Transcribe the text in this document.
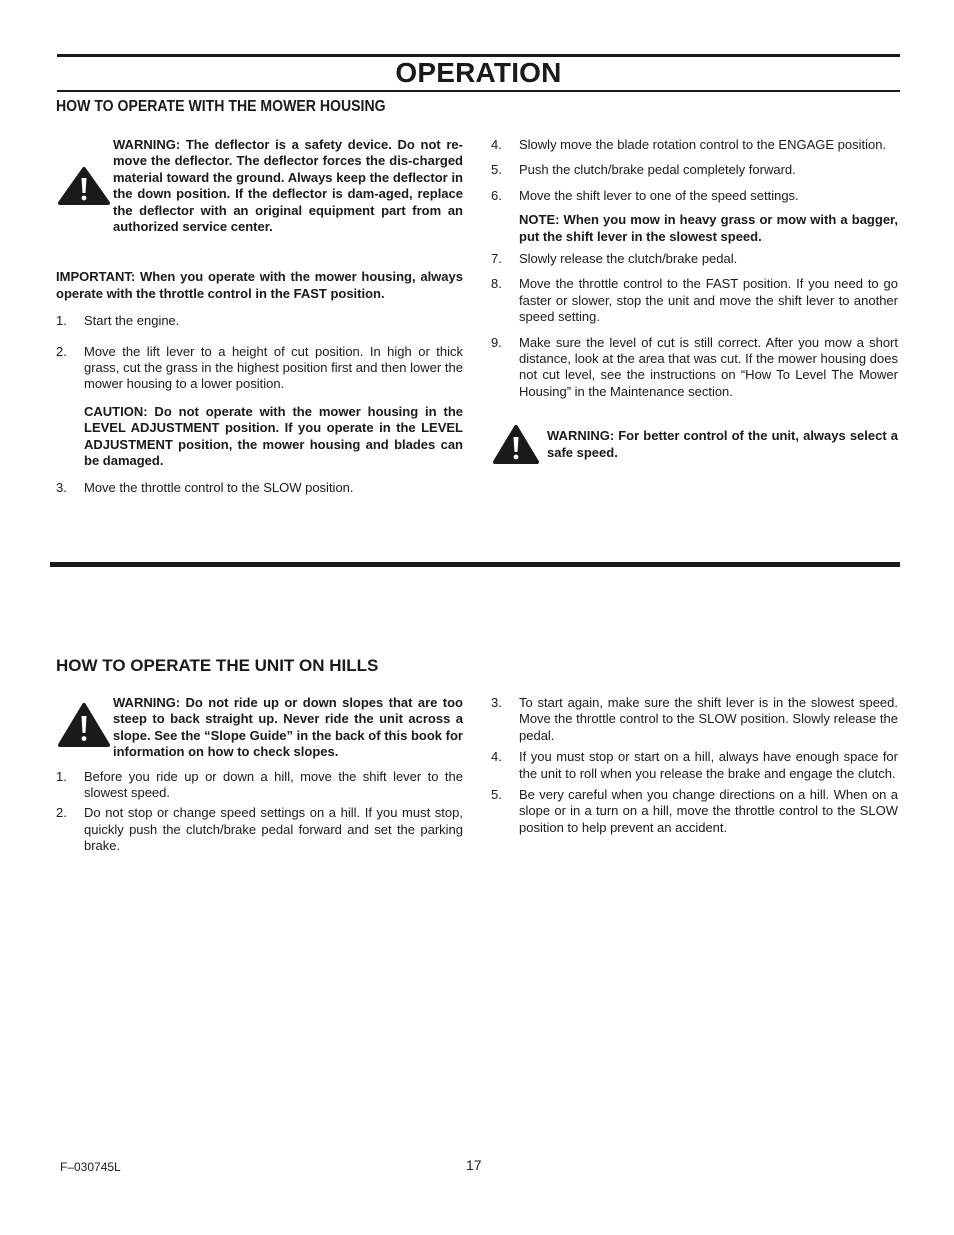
OPERATION
HOW TO OPERATE WITH THE MOWER HOUSING
WARNING: The deflector is a safety device. Do not re-move the deflector. The deflector forces the dis-charged material toward the ground. Always keep the deflector in the down position. If the deflector is dam-aged, replace the deflector with an original equipment part from an authorized service center.
IMPORTANT: When you operate with the mower housing, always operate with the throttle control in the FAST position.
1.	Start the engine.
2.	Move the lift lever to a height of cut position. In high or thick grass, cut the grass in the highest position first and then lower the mower housing to a lower position.
CAUTION: Do not operate with the mower housing in the LEVEL ADJUSTMENT position. If you operate in the LEVEL ADJUSTMENT position, the mower housing and blades can be damaged.
3.	Move the throttle control to the SLOW position.
4.	Slowly move the blade rotation control to the ENGAGE position.
5.	Push the clutch/brake pedal completely forward.
6.	Move the shift lever to one of the speed settings.
NOTE: When you mow in heavy grass or mow with a bagger, put the shift lever in the slowest speed.
7.	Slowly release the clutch/brake pedal.
8.	Move the throttle control to the FAST position. If you need to go faster or slower, stop the unit and move the shift lever to another speed setting.
9.	Make sure the level of cut is still correct. After you mow a short distance, look at the area that was cut. If the mower housing does not cut level, see the instructions on “How To Level The Mower Housing” in the Maintenance section.
WARNING: For better control of the unit, always select a safe speed.
HOW TO OPERATE THE UNIT ON HILLS
WARNING: Do not ride up or down slopes that are too steep to back straight up. Never ride the unit across a slope. See the “Slope Guide” in the back of this book for information on how to check slopes.
1.	Before you ride up or down a hill, move the shift lever to the slowest speed.
2.	Do not stop or change speed settings on a hill. If you must stop, quickly push the clutch/brake pedal forward and set the parking brake.
3.	To start again, make sure the shift lever is in the slowest speed. Move the throttle control to the SLOW position. Slowly release the pedal.
4.	If you must stop or start on a hill, always have enough space for the unit to roll when you release the brake and engage the clutch.
5.	Be very careful when you change directions on a hill. When on a slope or in a turn on a hill, move the throttle control to the SLOW position to help prevent an accident.
F–030745L	17
